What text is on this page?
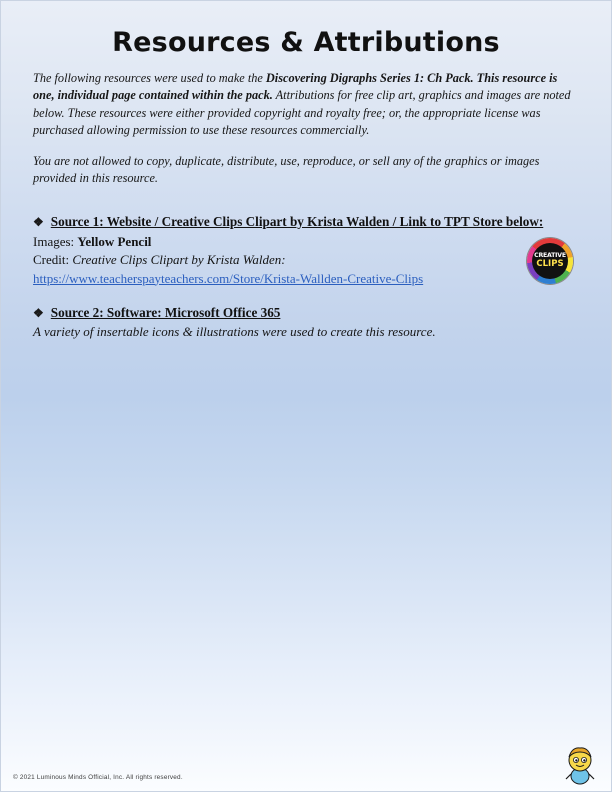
Resources & Attributions
The following resources were used to make the Discovering Digraphs Series 1: Ch Pack. This resource is one, individual page contained within the pack. Attributions for free clip art, graphics and images are noted below. These resources were either provided copyright and royalty free; or, the appropriate license was purchased allowing permission to use these resources commercially.
You are not allowed to copy, duplicate, distribute, use, reproduce, or sell any of the graphics or images provided in this resource.
CREATIVE
CLIPS
❖ Source 1: Website / Creative Clips Clipart by Krista Walden / Link to TPT Store below:
Images: Yellow Pencil
Credit: Creative Clips Clipart by Krista Walden:
https://www.teacherspayteachers.com/Store/Krista-Wallden-Creative-Clips
❖ Source 2: Software: Microsoft Office 365
A variety of insertable icons & illustrations were used to create this resource.
© 2021 Luminous Minds Official, Inc. All rights reserved.
